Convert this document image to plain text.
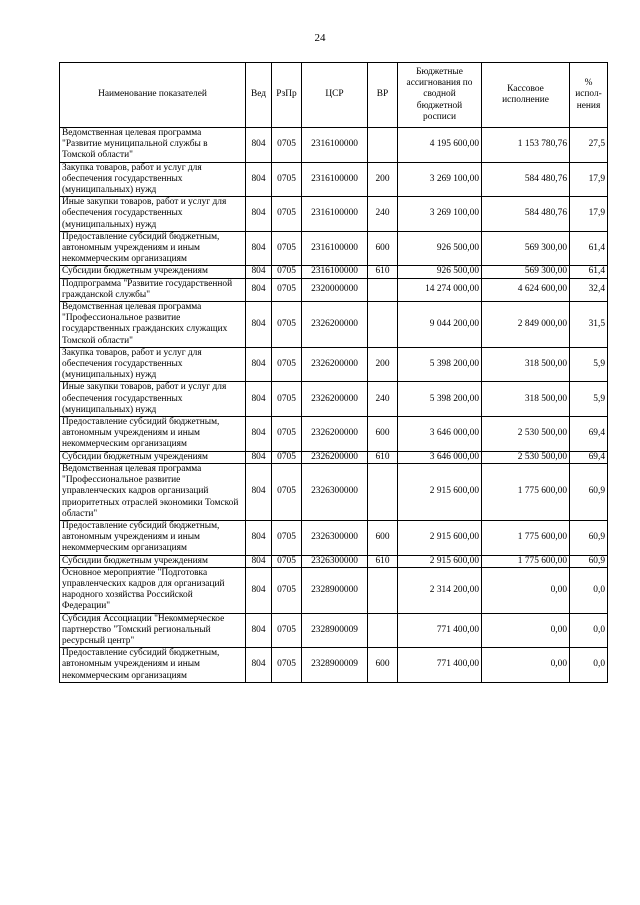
24
Наименование показателей	Вед	РзПр	ЦСР	ВР	Бюджетные ассигнования по сводной бюджетной росписи	Кассовое исполнение	% испол-нения
Ведомственная целевая программа "Развитие муниципальной службы в Томской области"	804	0705	2316100000		4 195 600,00	1 153 780,76	27,5
Закупка товаров, работ и услуг для обеспечения государственных (муниципальных) нужд	804	0705	2316100000	200	3 269 100,00	584 480,76	17,9
Иные закупки товаров, работ и услуг для обеспечения государственных (муниципальных) нужд	804	0705	2316100000	240	3 269 100,00	584 480,76	17,9
Предоставление субсидий бюджетным, автономным учреждениям и иным некоммерческим организациям	804	0705	2316100000	600	926 500,00	569 300,00	61,4
Субсидии бюджетным учреждениям	804	0705	2316100000	610	926 500,00	569 300,00	61,4
Подпрограмма "Развитие государственной гражданской службы"	804	0705	2320000000		14 274 000,00	4 624 600,00	32,4
Ведомственная целевая программа "Профессиональное развитие государственных гражданских служащих Томской области"	804	0705	2326200000		9 044 200,00	2 849 000,00	31,5
Закупка товаров, работ и услуг для обеспечения государственных (муниципальных) нужд	804	0705	2326200000	200	5 398 200,00	318 500,00	5,9
Иные закупки товаров, работ и услуг для обеспечения государственных (муниципальных) нужд	804	0705	2326200000	240	5 398 200,00	318 500,00	5,9
Предоставление субсидий бюджетным, автономным учреждениям и иным некоммерческим организациям	804	0705	2326200000	600	3 646 000,00	2 530 500,00	69,4
Субсидии бюджетным учреждениям	804	0705	2326200000	610	3 646 000,00	2 530 500,00	69,4
Ведомственная целевая программа "Профессиональное развитие управленческих кадров организаций приоритетных отраслей экономики Томской области"	804	0705	2326300000		2 915 600,00	1 775 600,00	60,9
Предоставление субсидий бюджетным, автономным учреждениям и иным некоммерческим организациям	804	0705	2326300000	600	2 915 600,00	1 775 600,00	60,9
Субсидии бюджетным учреждениям	804	0705	2326300000	610	2 915 600,00	1 775 600,00	60,9
Основное мероприятие "Подготовка управленческих кадров для организаций народного хозяйства Российской Федерации"	804	0705	2328900000		2 314 200,00	0,00	0,0
Субсидия Ассоциации "Некоммерческое партнерство "Томский региональный ресурсный центр"	804	0705	2328900009		771 400,00	0,00	0,0
Предоставление субсидий бюджетным, автономным учреждениям и иным некоммерческим организациям	804	0705	2328900009	600	771 400,00	0,00	0,0
